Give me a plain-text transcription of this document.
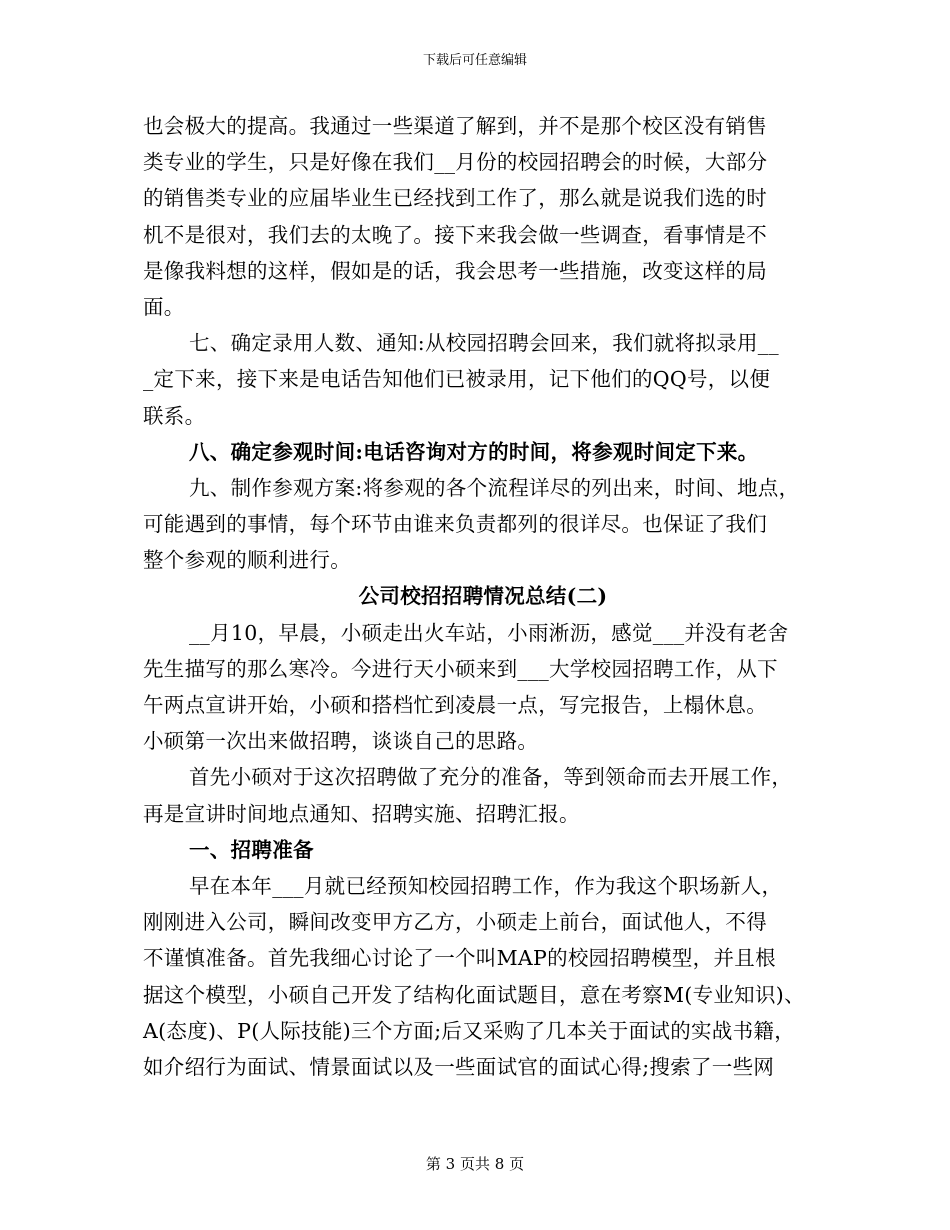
下载后可任意编辑
也会极大的提高。我通过一些渠道了解到，并不是那个校区没有销售
类专业的学生，只是好像在我们__月份的校园招聘会的时候，大部分
的销售类专业的应届毕业生已经找到工作了，那么就是说我们选的时
机不是很对，我们去的太晚了。接下来我会做一些调查，看事情是不
是像我料想的这样，假如是的话，我会思考一些措施，改变这样的局
面。
七、确定录用人数、通知:从校园招聘会回来，我们就将拟录用__
_定下来，接下来是电话告知他们已被录用，记下他们的QQ号，以便
联系。
八、确定参观时间:电话咨询对方的时间，将参观时间定下来。
九、制作参观方案:将参观的各个流程详尽的列出来，时间、地点，
可能遇到的事情，每个环节由谁来负责都列的很详尽。也保证了我们
整个参观的顺利进行。
公司校招招聘情况总结(二)
__月10，早晨，小硕走出火车站，小雨淅沥，感觉___并没有老舍
先生描写的那么寒冷。今进行天小硕来到___大学校园招聘工作，从下
午两点宣讲开始，小硕和搭档忙到凌晨一点，写完报告，上榻休息。
小硕第一次出来做招聘，谈谈自己的思路。
首先小硕对于这次招聘做了充分的准备，等到领命而去开展工作，
再是宣讲时间地点通知、招聘实施、招聘汇报。
一、招聘准备
早在本年___月就已经预知校园招聘工作，作为我这个职场新人，
刚刚进入公司，瞬间改变甲方乙方，小硕走上前台，面试他人，不得
不谨慎准备。首先我细心讨论了一个叫MAP的校园招聘模型，并且根
据这个模型，小硕自己开发了结构化面试题目，意在考察M(专业知识)、
A(态度)、P(人际技能)三个方面;后又采购了几本关于面试的实战书籍，
如介绍行为面试、情景面试以及一些面试官的面试心得;搜索了一些网
第 3 页共 8 页
